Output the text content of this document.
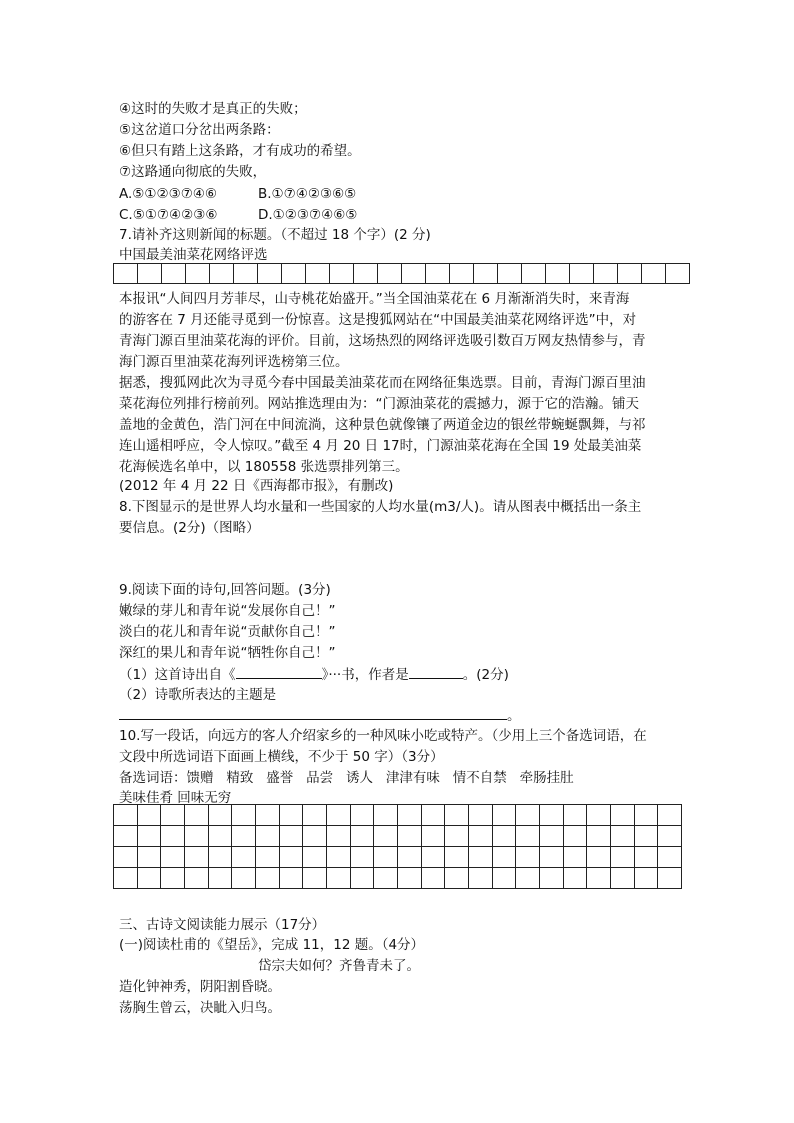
④这时的失败才是真正的失败；
⑤这岔道口分岔出两条路：
⑥但只有踏上这条路，才有成功的希望。
⑦这路通向彻底的失败，
A.⑤①②③⑦④⑥	B.①⑦④②③⑥⑤
C.⑤①⑦④②③⑥	D.①②③⑦④⑥⑤
7.请补齐这则新闻的标题。（不超过 18 个字）(2 分)
中国最美油菜花网络评选
本报讯“人间四月芳菲尽，山寺桃花始盛开。”当全国油菜花在 6 月渐渐消失时，来青海
的游客在 7 月还能寻觅到一份惊喜。这是搜狐网站在“中国最美油菜花网络评选”中，对
青海门源百里油菜花海的评价。目前，这场热烈的网络评选吸引数百万网友热情参与，青
海门源百里油菜花海列评选榜第三位。
据悉，搜狐网此次为寻觅今春中国最美油菜花而在网络征集选票。目前，青海门源百里油
菜花海位列排行榜前列。网站推选理由为：“门源油菜花的震撼力，源于它的浩瀚。铺天
盖地的金黄色，浩门河在中间流淌，这种景色就像镶了两道金边的银丝带蜿蜒飘舞，与祁
连山遥相呼应，令人惊叹。”截至 4 月 20 日 17时，门源油菜花海在全国 19 处最美油菜
花海候选名单中，以 180558 张选票排列第三。
(2012 年 4 月 22 日《西海都市报》，有删改)
8.下图显示的是世界人均水量和一些国家的人均水量(m3/人)。请从图表中概括出一条主
要信息。(2分)（图略）
9.阅读下面的诗句,回答问题。(3分)
嫩绿的芽儿和青年说“发展你自己！”
淡白的花儿和青年说“贡献你自己！”
深红的果儿和青年说“牺牲你自己！”
（1）这首诗出自《	》···书，作者是	。(2分)
（2）诗歌所表达的主题是
。
10.写一段话，向远方的客人介绍家乡的一种风味小吃或特产。（少用上三个备选词语，在
文段中所选词语下面画上横线，不少于 50 字）（3分）
备选词语：馈赠 精致 盛誉 品尝 诱人 津津有味 情不自禁 牵肠挂肚
美味佳肴 回味无穷
三、古诗文阅读能力展示（17分）
(一)阅读杜甫的《望岳》，完成 11，12 题。（4分）
岱宗夫如何？齐鲁青未了。
造化钟神秀，阴阳割昏晓。
荡胸生曾云，决眦入归鸟。
